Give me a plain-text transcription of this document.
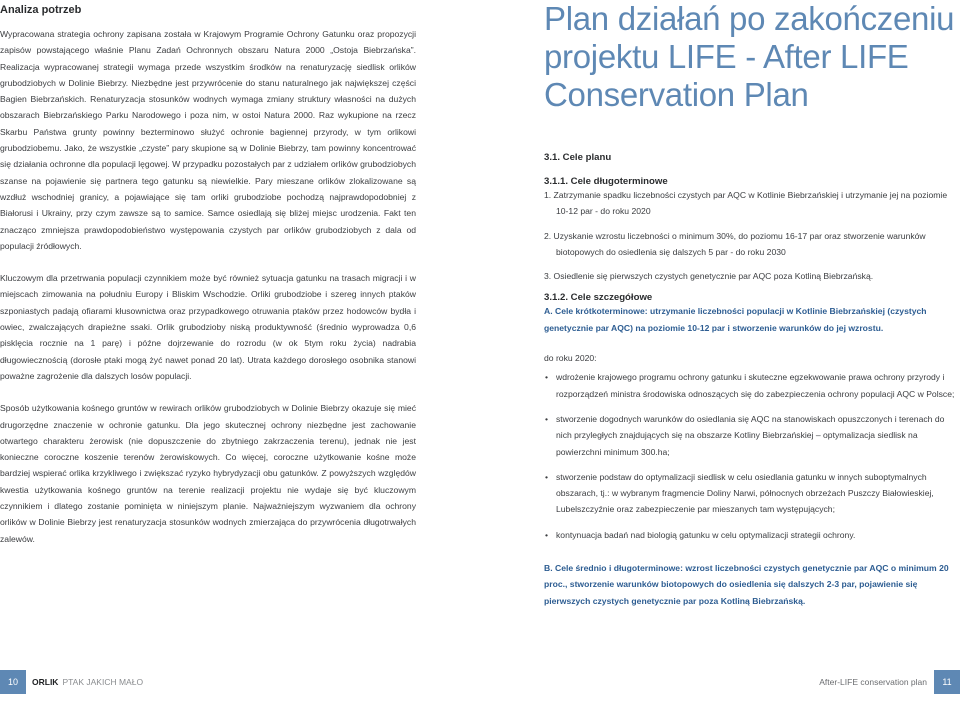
Analiza potrzeb

Wypracowana strategia ochrony zapisana została w Krajowym Programie Ochrony Gatunku oraz propozycji zapisów powstającego właśnie Planu Zadań Ochronnych obszaru Natura 2000 „Ostoja Biebrzańska”. Realizacja wypracowanej strategii wymaga przede wszystkim środków na renaturyzację siedlisk orlików grubodziobych w Dolinie Biebrzy. Niezbędne jest przywrócenie do stanu naturalnego jak największej części Bagien Biebrzańskich. Renaturyzacja stosunków wodnych wymaga zmiany struktury własności na dużych obszarach Biebrzańskiego Parku Narodowego i poza nim, w ostoi Natura 2000. Raz wykupione na rzecz Skarbu Państwa grunty powinny bezterminowo służyć ochronie bagiennej przyrody, w tym orlikowi grubodziobemu. Jako, że wszystkie „czyste” pary skupione są w Dolinie Biebrzy, tam powinny koncentrować się działania ochronne dla populacji lęgowej. W przypadku pozostałych par z udziałem orlików grubodziobych szanse na pojawienie się partnera tego gatunku są niewielkie. Pary mieszane orlików zlokalizowane są wzdłuż wschodniej granicy, a pojawiające się tam orliki grubodziobe pochodzą najprawdopodobniej z Białorusi i Ukrainy, przy czym zawsze są to samice. Samce osiedlają się bliżej miejsc urodzenia. Fakt ten znacząco zmniejsza prawdopodobieństwo występowania czystych par orlików grubodziobych z dala od populacji źródłowych.

Kluczowym dla przetrwania populacji czynnikiem może być również sytuacja gatunku na trasach migracji i w miejscach zimowania na południu Europy i Bliskim Wschodzie. Orliki grubodziobe i szereg innych ptaków szponiastych padają ofiarami kłusownictwa oraz przypadkowego otruwania ptaków przez hodowców bydła i owiec, zwalczających drapieżne ssaki. Orlik grubodzioby niską produktywność (średnio wyprowadza 0,6 pisklęcia rocznie na 1 parę) i późne dojrzewanie do rozrodu (w ok 5tym roku życia) nadrabia długowiecznością (dorosłe ptaki mogą żyć nawet ponad 20 lat). Utrata każdego dorosłego osobnika stanowi poważne zagrożenie dla dalszych losów populacji.

Sposób użytkowania kośnego gruntów w rewirach orlików grubodziobych w Dolinie Biebrzy okazuje się mieć drugorzędne znaczenie w ochronie gatunku. Dla jego skutecznej ochrony niezbędne jest zachowanie otwartego charakteru żerowisk (nie dopuszczenie do zbytniego zakrzaczenia terenu), jednak nie jest konieczne coroczne koszenie terenów żerowiskowych. Co więcej, coroczne użytkowanie kośne może bardziej wspierać orlika krzykliwego i zwiększać ryzyko hybrydyzacji obu gatunków. Z powyższych względów kwestia użytkowania kośnego gruntów na terenie realizacji projektu nie wydaje się być kluczowym czynnikiem i dlatego zostanie pominięta w niniejszym planie. Najważniejszym wyzwaniem dla ochrony orlików w Dolinie Biebrzy jest renaturyzacja stosunków wodnych zmierzająca do przywrócenia długotrwałych zalewów.

Plan działań po zakończeniu projektu LIFE - After LIFE Conservation Plan

3.1. Cele planu

3.1.1. Cele długoterminowe

1. Zatrzymanie spadku liczebności czystych par AQC w Kotlinie Biebrzańskiej i utrzymanie jej na poziomie 10-12 par - do roku 2020

2. Uzyskanie wzrostu liczebności o minimum 30%, do poziomu 16-17 par oraz stworzenie warunków biotopowych do osiedlenia się dalszych 5 par - do roku 2030

3. Osiedlenie się pierwszych czystych genetycznie par AQC poza Kotliną Biebrzańską.

3.1.2. Cele szczegółowe

A. Cele krótkoterminowe: utrzymanie liczebności populacji w Kotlinie Biebrzańskiej (czystych genetycznie par AQC) na poziomie 10-12 par i stworzenie warunków do jej wzrostu.

do roku 2020:

• wdrożenie krajowego programu ochrony gatunku i skuteczne egzekwowanie prawa ochrony przyrody i rozporządzeń ministra środowiska odnoszących się do zabezpieczenia ochrony populacji AQC w Polsce;
• stworzenie dogodnych warunków do osiedlania się AQC na stanowiskach opuszczonych i terenach do nich przyległych znajdujących się na obszarze Kotliny Biebrzańskiej – optymalizacja siedlisk na powierzchni minimum 300.ha;
• stworzenie podstaw do optymalizacji siedlisk w celu osiedlania gatunku w innych suboptymalnych obszarach, tj.: w wybranym fragmencie Doliny Narwi, północnych obrzeżach Puszczy Białowieskiej, Lubelszczyźnie oraz zabezpieczenie par mieszanych tam występujących;
• kontynuacja badań nad biologią gatunku w celu optymalizacji strategii ochrony.

B. Cele średnio i długoterminowe: wzrost liczebności czystych genetycznie par AQC o minimum 20 proc., stworzenie warunków biotopowych do osiedlenia się dalszych 2-3 par, pojawienie się pierwszych czystych genetycznie par poza Kotliną Biebrzańską.

10	ORLIK PTAK JAKICH MAŁO	After-LIFE conservation plan	11
